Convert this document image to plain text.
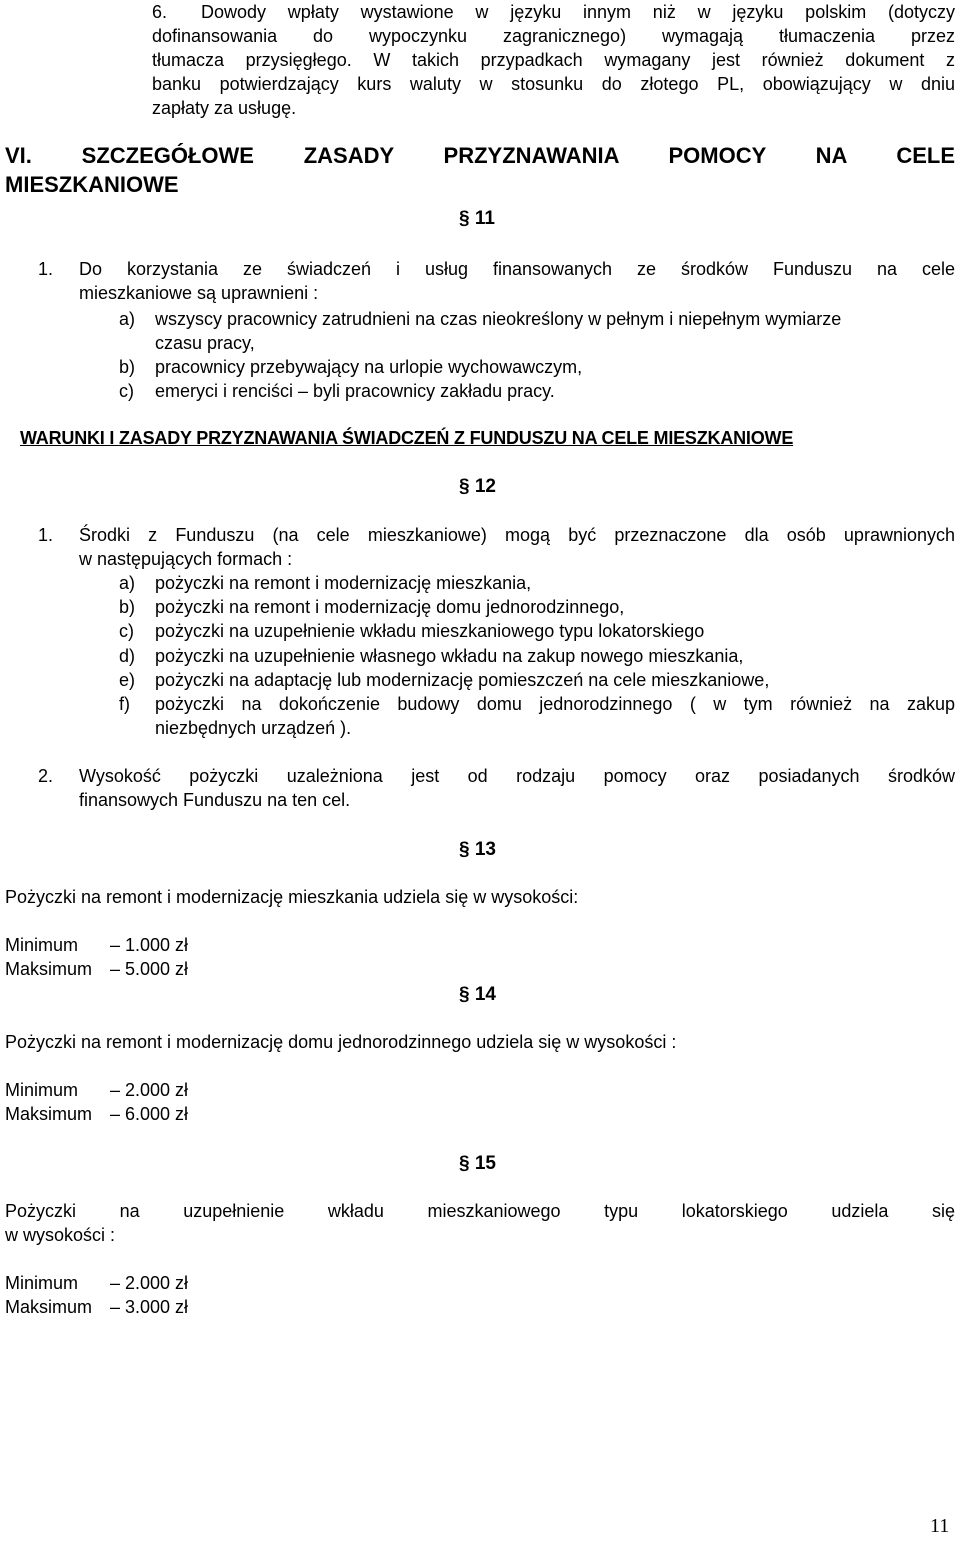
6. Dowody wpłaty wystawione w języku innym niż w języku polskim (dotyczy
dofinansowania do wypoczynku zagranicznego) wymagają tłumaczenia przez
tłumacza przysięgłego. W takich przypadkach wymagany jest również dokument z
banku potwierdzający kurs waluty w stosunku do złotego PL, obowiązujący w dniu
zapłaty za usługę.
VI. SZCZEGÓŁOWE ZASADY PRZYZNAWANIA POMOCY NA CELE
MIESZKANIOWE
§ 11
1. Do korzystania ze świadczeń i usług finansowanych ze środków Funduszu na cele
mieszkaniowe są uprawnieni :
a) wszyscy pracownicy zatrudnieni na czas nieokreślony w pełnym i niepełnym wymiarze
czasu pracy,
b) pracownicy przebywający na urlopie wychowawczym,
c) emeryci i renciści – byli pracownicy zakładu pracy.
WARUNKI I ZASADY PRZYZNAWANIA ŚWIADCZEŃ Z FUNDUSZU NA CELE MIESZKANIOWE
§ 12
1. Środki z Funduszu (na cele mieszkaniowe) mogą być przeznaczone dla osób uprawnionych
w następujących formach :
a) pożyczki na remont i modernizację mieszkania,
b) pożyczki na remont i modernizację domu jednorodzinnego,
c) pożyczki na uzupełnienie wkładu mieszkaniowego typu lokatorskiego
d) pożyczki na uzupełnienie własnego wkładu na zakup nowego mieszkania,
e) pożyczki na adaptację lub modernizację pomieszczeń na cele mieszkaniowe,
f) pożyczki na dokończenie budowy domu jednorodzinnego ( w tym również na zakup
niezbędnych urządzeń ).
2. Wysokość pożyczki uzależniona jest od rodzaju pomocy oraz posiadanych środków
finansowych Funduszu na ten cel.
§ 13
Pożyczki na remont i modernizację mieszkania udziela się w wysokości:
Minimum – 1.000 zł
Maksimum – 5.000 zł
§ 14
Pożyczki na remont i modernizację domu jednorodzinnego udziela się w wysokości :
Minimum – 2.000 zł
Maksimum – 6.000 zł
§ 15
Pożyczki na uzupełnienie wkładu mieszkaniowego typu lokatorskiego udziela się
w wysokości :
Minimum – 2.000 zł
Maksimum – 3.000 zł
11
